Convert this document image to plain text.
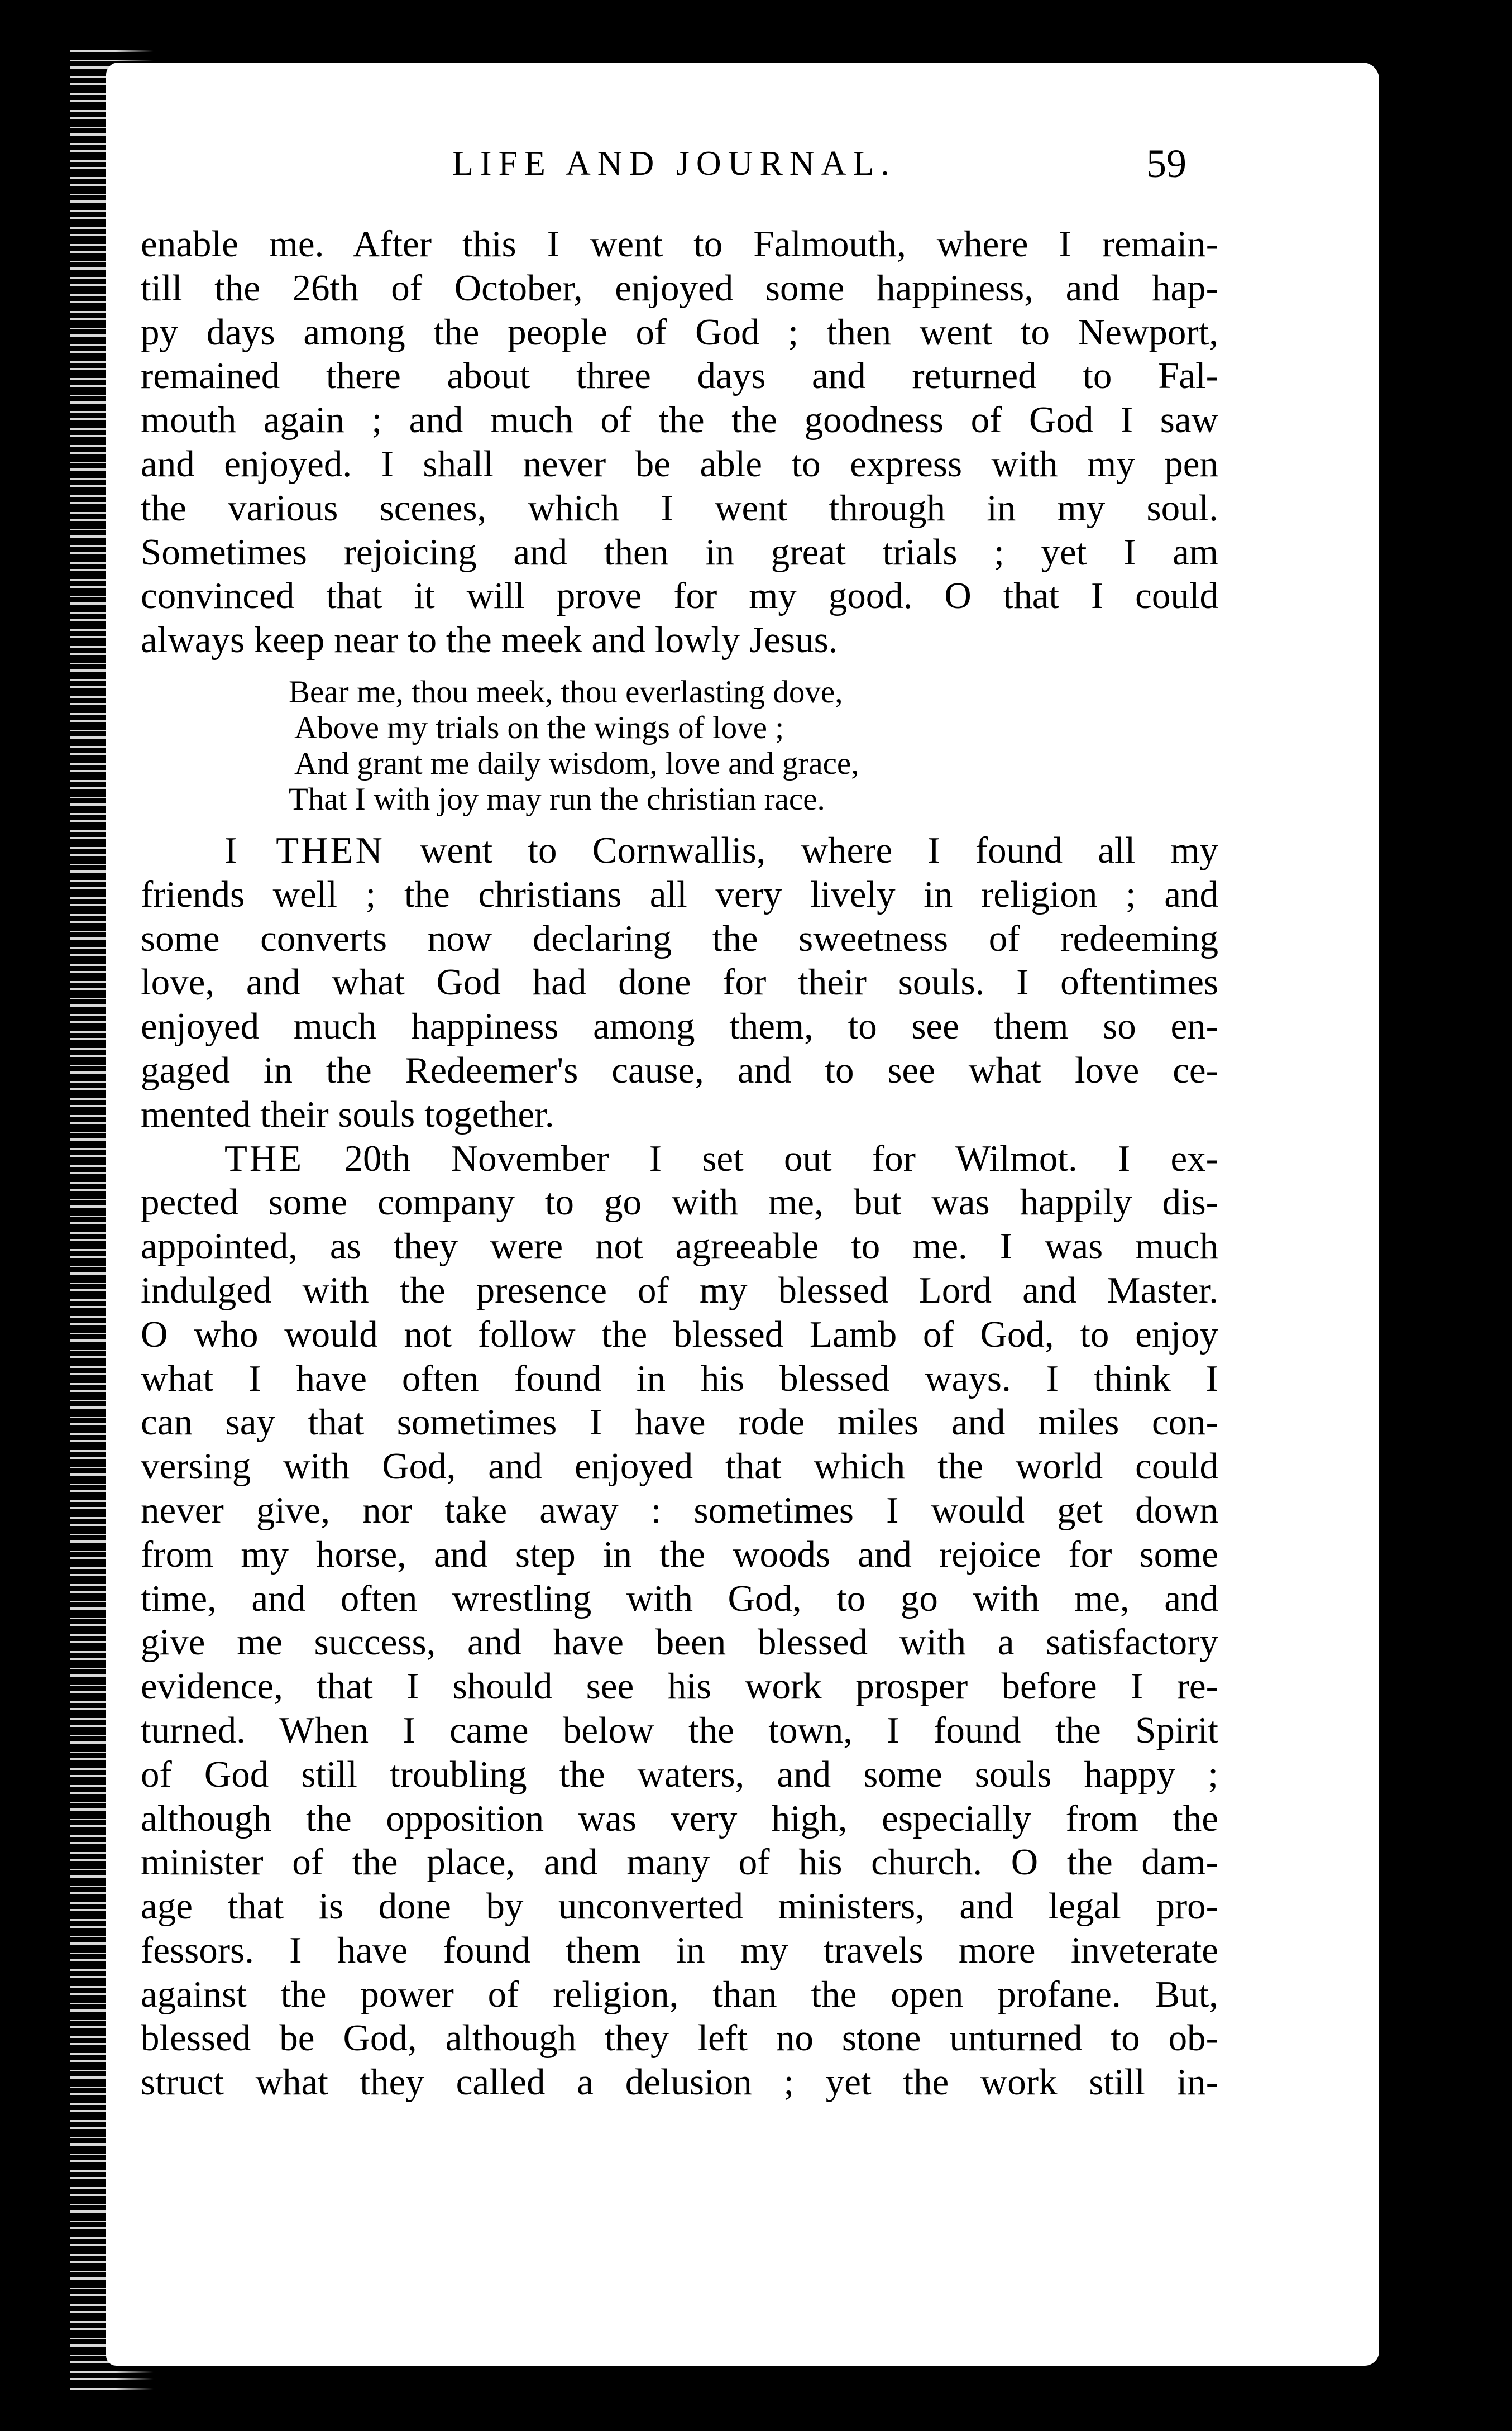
LIFE AND JOURNAL.	59
enable me. After this I went to Falmouth, where I remain-
till the 26th of October, enjoyed some happiness, and hap-
py days among the people of God ; then went to Newport,
remained there about three days and returned to Fal-
mouth again ; and much of the the goodness of God I saw
and enjoyed. I shall never be able to express with my pen
the various scenes, which I went through in my soul.
Sometimes rejoicing and then in great trials ; yet I am
convinced that it will prove for my good. O that I could
always keep near to the meek and lowly Jesus.
Bear me, thou meek, thou everlasting dove,
Above my trials on the wings of love ;
And grant me daily wisdom, love and grace,
That I with joy may run the christian race.
I THEN went to Cornwallis, where I found all my
friends well ; the christians all very lively in religion ; and
some converts now declaring the sweetness of redeeming
love, and what God had done for their souls. I oftentimes
enjoyed much happiness among them, to see them so en-
gaged in the Redeemer's cause, and to see what love ce-
mented their souls together.
THE 20th November I set out for Wilmot. I ex-
pected some company to go with me, but was happily dis-
appointed, as they were not agreeable to me. I was much
indulged with the presence of my blessed Lord and Master.
O who would not follow the blessed Lamb of God, to enjoy
what I have often found in his blessed ways. I think I
can say that sometimes I have rode miles and miles con-
versing with God, and enjoyed that which the world could
never give, nor take away : sometimes I would get down
from my horse, and step in the woods and rejoice for some
time, and often wrestling with God, to go with me, and
give me success, and have been blessed with a satisfactory
evidence, that I should see his work prosper before I re-
turned. When I came below the town, I found the Spirit
of God still troubling the waters, and some souls happy ;
although the opposition was very high, especially from the
minister of the place, and many of his church. O the dam-
age that is done by unconverted ministers, and legal pro-
fessors. I have found them in my travels more inveterate
against the power of religion, than the open profane. But,
blessed be God, although they left no stone unturned to ob-
struct what they called a delusion ; yet the work still in-
